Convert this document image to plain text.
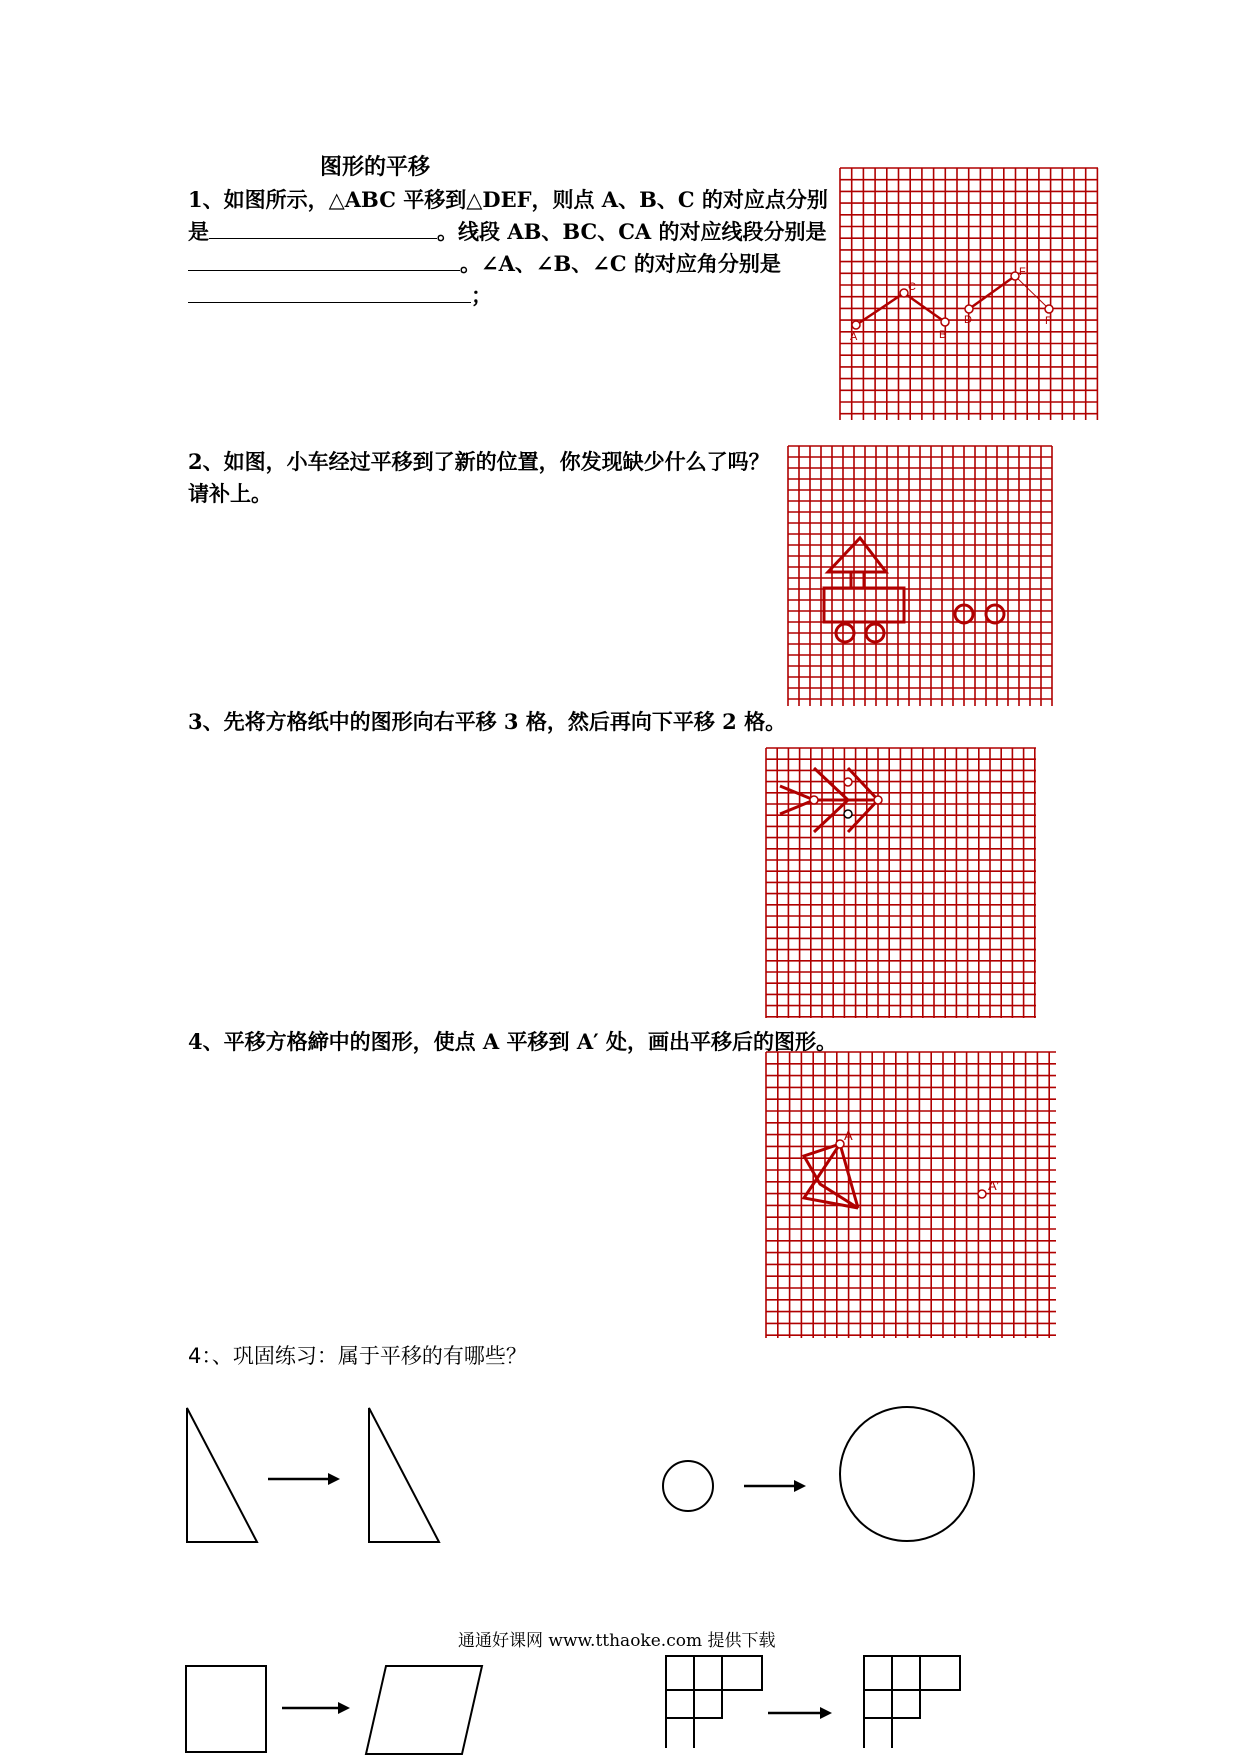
图形的平移
1、如图所示，△ABC 平移到△DEF，则点 A、B、C 的对应点分别
是	。线段 AB、BC、CA 的对应线段分别是
。∠A、∠B、∠C 的对应角分别是
；
A	B
C
D
F
F
2、如图，小车经过平移到了新的位置，你发现缺少什么了吗？
请补上。
3、先将方格纸中的图形向右平移 3 格，然后再向下平移 2 格。
4、平移方格締中的图形，使点 A 平移到 A′ 处，画出平移后的图形。
A
A′
4：、巩固练习：属于平移的有哪些？
通通好课网 www.tthaoke.com 提供下载
